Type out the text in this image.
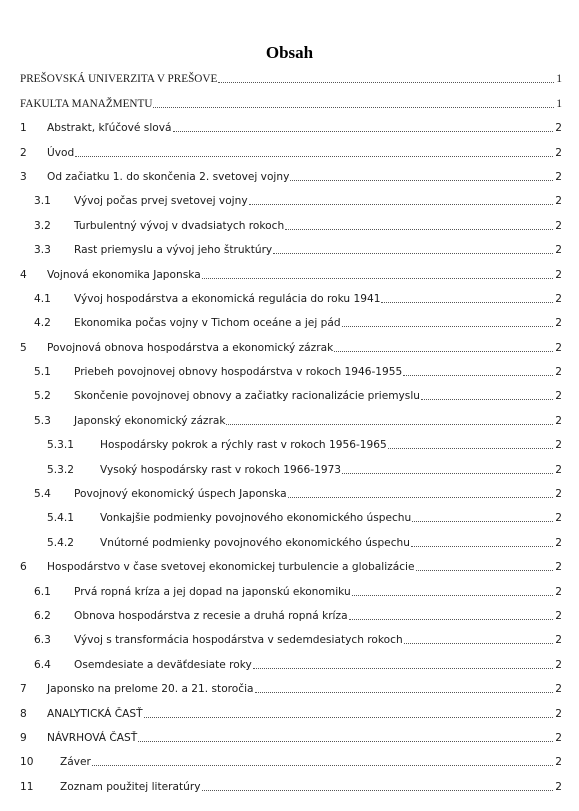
Obsah
PREŠOVSKÁ UNIVERZITA V PREŠOVE	1
FAKULTA MANAŽMENTU	1
1	Abstrakt, kľúčové slová	2
2	Úvod	2
3	Od začiatku 1. do skončenia 2. svetovej vojny	2
3.1	Vývoj počas prvej svetovej vojny	2
3.2	Turbulentný vývoj v dvadsiatych rokoch	2
3.3	Rast priemyslu a vývoj jeho štruktúry	2
4	Vojnová ekonomika Japonska	2
4.1	Vývoj hospodárstva a ekonomická regulácia do roku 1941	2
4.2	Ekonomika počas vojny v Tichom oceáne a jej pád	2
5	Povojnová obnova hospodárstva a ekonomický zázrak	2
5.1	Priebeh povojnovej obnovy hospodárstva v rokoch 1946-1955	2
5.2	Skončenie povojnovej obnovy a začiatky racionalizácie priemyslu	2
5.3	Japonský ekonomický zázrak	2
5.3.1	Hospodársky pokrok a rýchly rast v rokoch 1956-1965	2
5.3.2	Vysoký hospodársky rast v rokoch 1966-1973	2
5.4	Povojnový ekonomický úspech Japonska	2
5.4.1	Vonkajšie podmienky povojnového ekonomického úspechu	2
5.4.2	Vnútorné podmienky povojnového ekonomického úspechu	2
6	Hospodárstvo v čase svetovej ekonomickej turbulencie a globalizácie	2
6.1	Prvá ropná kríza a jej dopad na japonskú ekonomiku	2
6.2	Obnova hospodárstva z recesie a druhá ropná kríza	2
6.3	Vývoj s transformácia hospodárstva v sedemdesiatych rokoch	2
6.4	Osemdesiate a deväťdesiate roky	2
7	Japonsko na prelome 20. a 21. storočia	2
8	ANALYTICKÁ ČASŤ	2
9	NÁVRHOVÁ ČASŤ	2
10	Záver	2
11	Zoznam použitej literatúry	2
